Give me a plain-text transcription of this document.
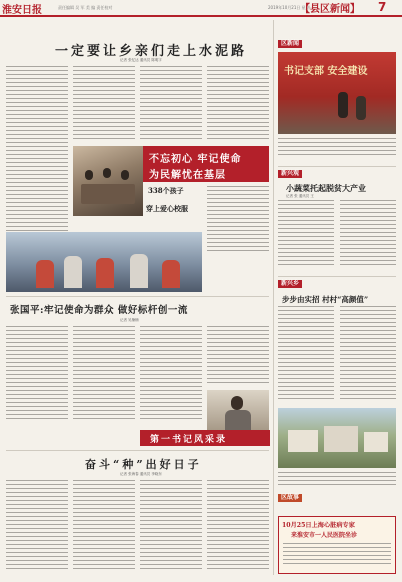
淮安日报	责任编辑 吴 军 美 编 责任校对	2019年10月21日 星期一
【县区新闻】 7
一定要让乡亲们走上水泥路
记者 张忆达 通讯员 陈明宇
不忘初心 牢记使命
为民解忧在基层
338个孩子
穿上爱心校服
张国平:牢记使命为群众 做好标杆创一流
记者 吴楠楠
第一书记风采录
奋斗“种”出好日子
记者 张海春 通讯员 李晓东
区新闻
书记支部 安全建设
新兴观
小蔬菜托起脱贫大产业
记者 张 通讯员 王
新兴乡
步步由实招 村村“高颜值”
区故事
10月25日上海心脏病专家
来淮安市一人民医院坐诊
